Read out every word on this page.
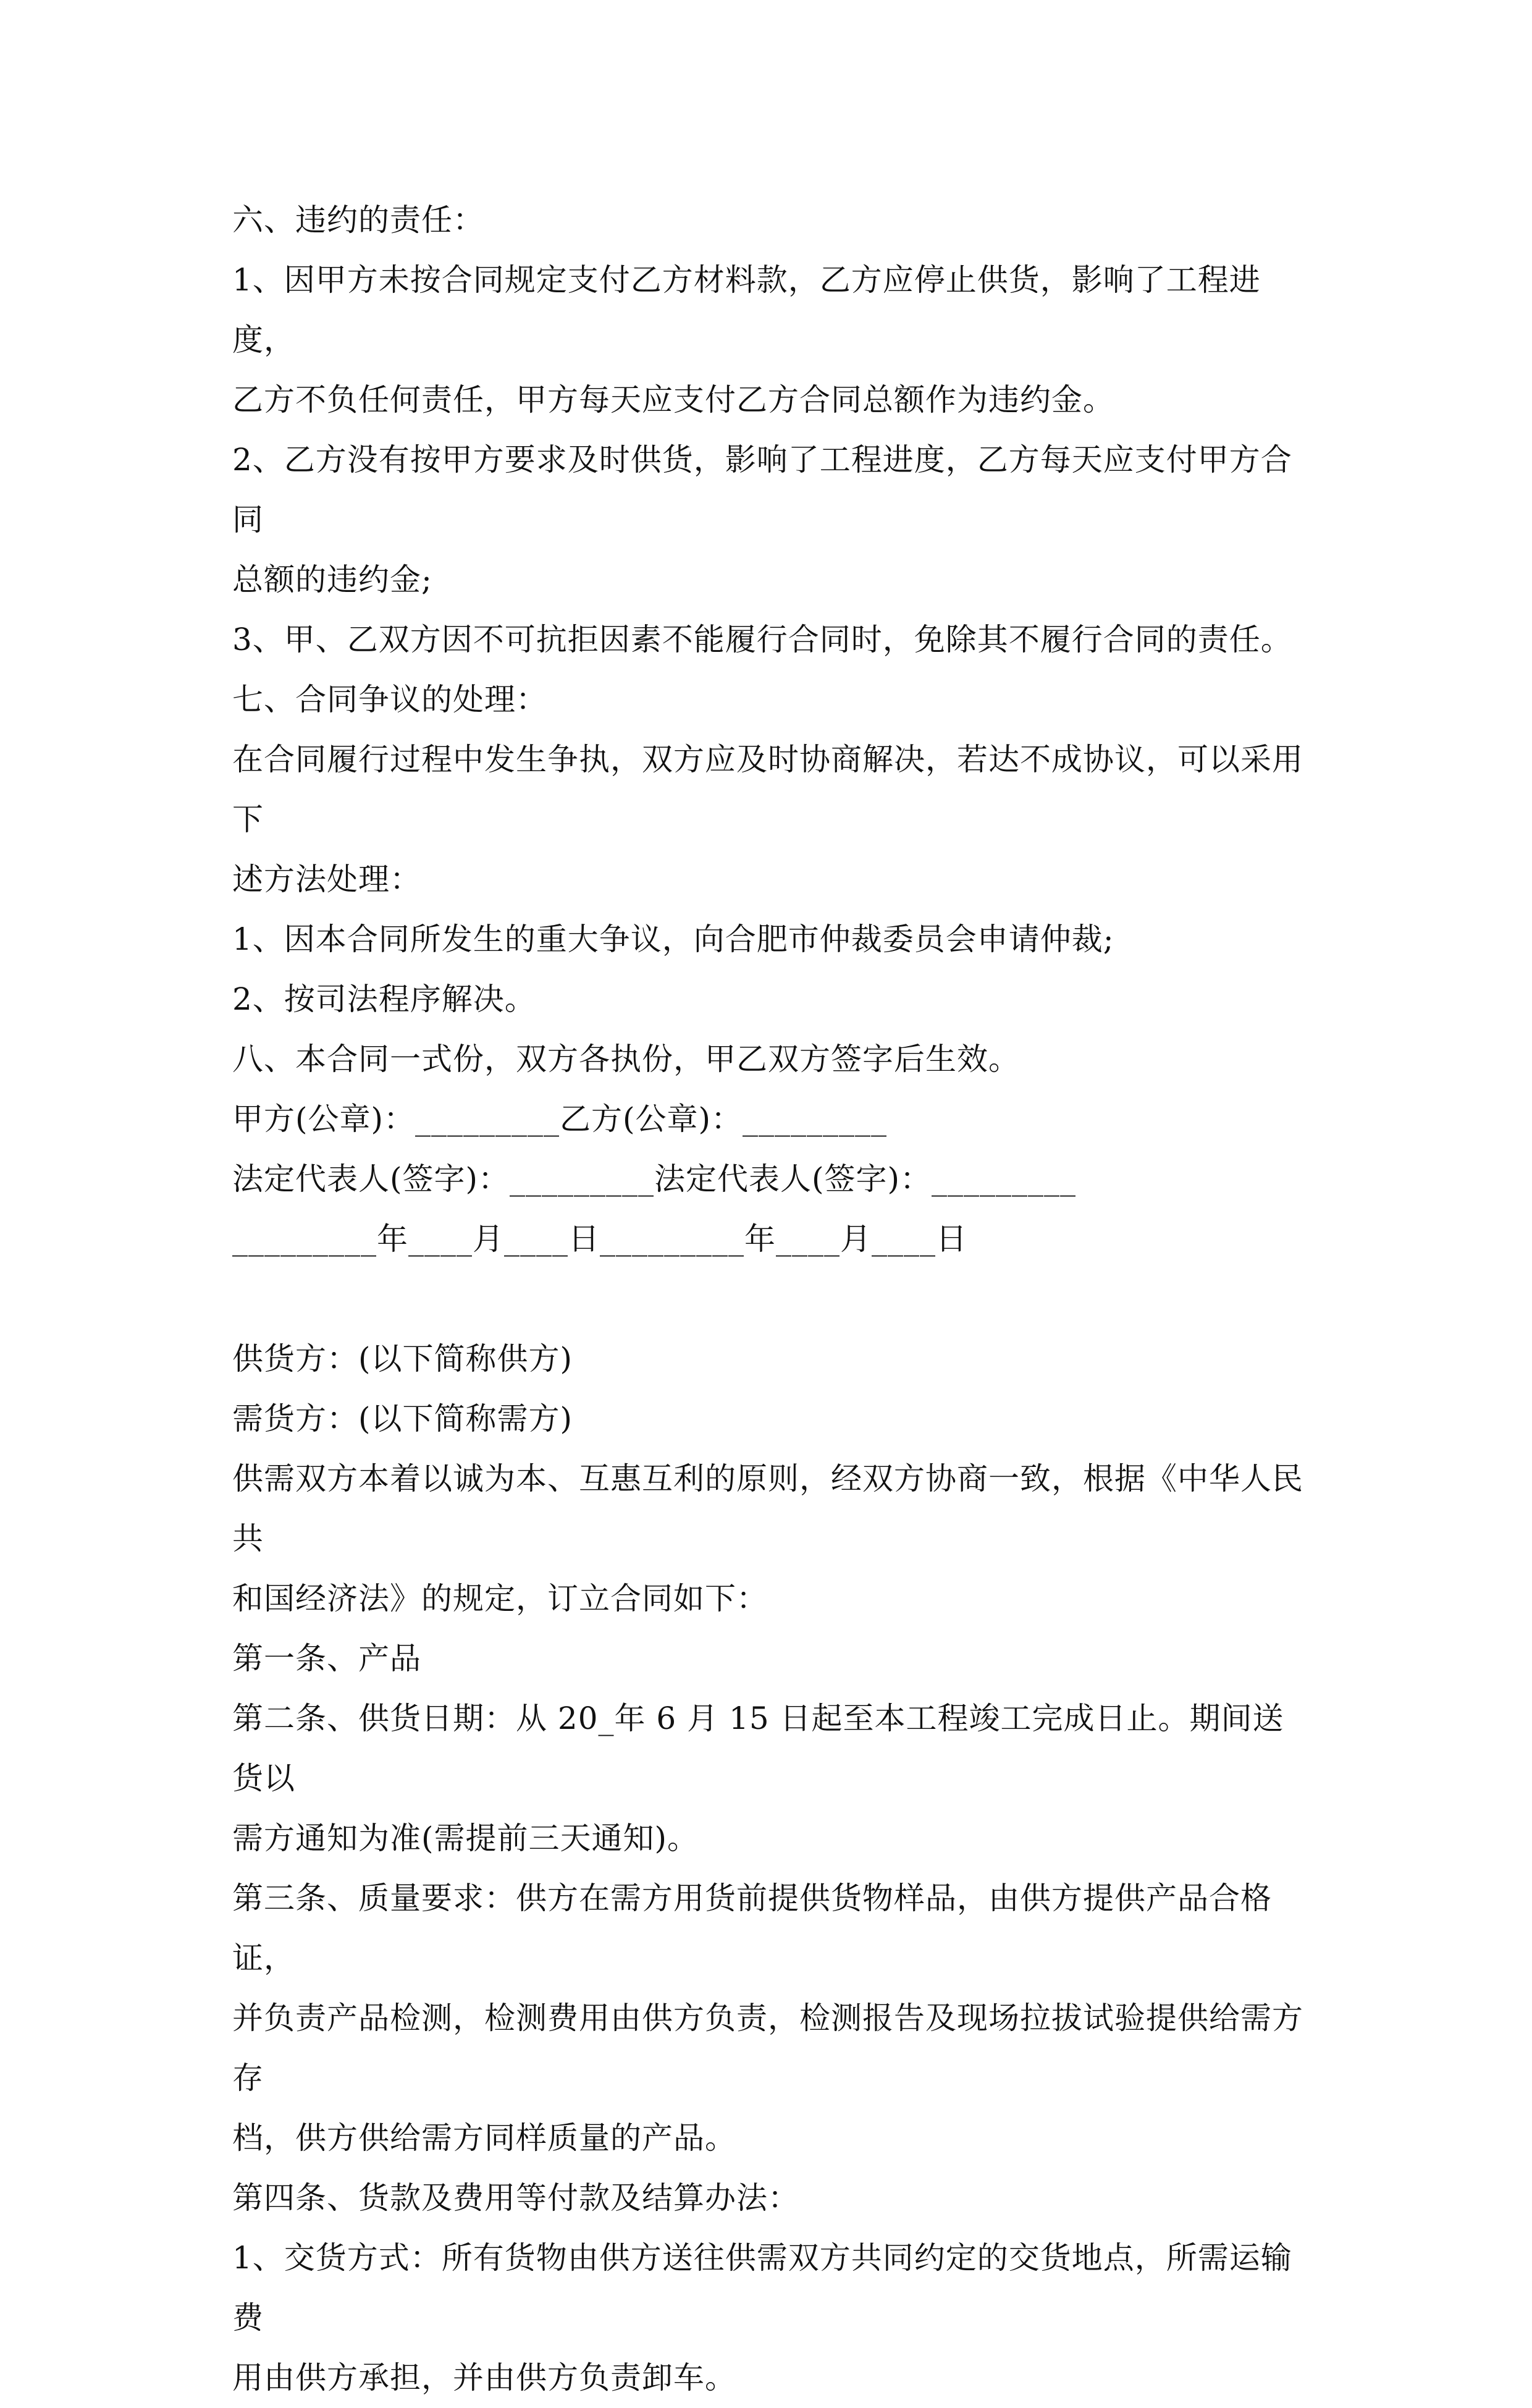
六、违约的责任：

1、因甲方未按合同规定支付乙方材料款，乙方应停止供货，影响了工程进度，

乙方不负任何责任，甲方每天应支付乙方合同总额作为违约金。

2、乙方没有按甲方要求及时供货，影响了工程进度，乙方每天应支付甲方合同

总额的违约金;

3、甲、乙双方因不可抗拒因素不能履行合同时，免除其不履行合同的责任。

七、合同争议的处理：

在合同履行过程中发生争执，双方应及时协商解决，若达不成协议，可以采用下

述方法处理：

1、因本合同所发生的重大争议，向合肥市仲裁委员会申请仲裁;

2、按司法程序解决。

八、本合同一式份，双方各执份，甲乙双方签字后生效。

甲方(公章)：_________乙方(公章)：_________

法定代表人(签字)：_________法定代表人(签字)：_________

_________年____月____日_________年____月____日

供货方：(以下简称供方)

需货方：(以下简称需方)

供需双方本着以诚为本、互惠互利的原则，经双方协商一致，根据《中华人民共

和国经济法》的规定，订立合同如下：

第一条、产品

第二条、供货日期：从 20_年 6 月 15 日起至本工程竣工完成日止。期间送货以

需方通知为准(需提前三天通知)。

第三条、质量要求：供方在需方用货前提供货物样品，由供方提供产品合格证，

并负责产品检测，检测费用由供方负责，检测报告及现场拉拔试验提供给需方存

档，供方供给需方同样质量的产品。

第四条、货款及费用等付款及结算办法：

1、交货方式：所有货物由供方送往供需双方共同约定的交货地点，所需运输费

用由供方承担，并由供方负责卸车。
